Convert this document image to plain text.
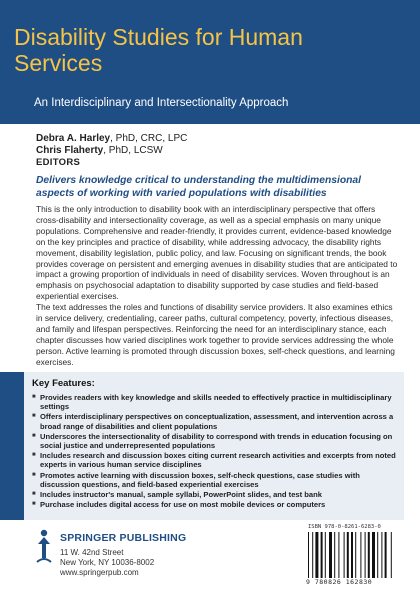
Disability Studies for Human Services
An Interdisciplinary and Intersectionality Approach
Debra A. Harley, PhD, CRC, LPC
Chris Flaherty, PhD, LCSW
EDITORS
Delivers knowledge critical to understanding the multidimensional aspects of working with varied populations with disabilities

This is the only introduction to disability book with an interdisciplinary perspective that offers cross-disability and intersectionality coverage, as well as a special emphasis on many unique populations. Comprehensive and reader-friendly, it provides current, evidence-based knowledge on the key principles and practice of disability, while addressing advocacy, the disability rights movement, disability legislation, public policy, and law. Focusing on significant trends, the book provides coverage on persistent and emerging avenues in disability studies that are anticipated to impact a growing proportion of individuals in need of disability services. Woven throughout is an emphasis on psychosocial adaptation to disability supported by case studies and field-based experiential exercises.

The text addresses the roles and functions of disability service providers. It also examines ethics in service delivery, credentialing, career paths, cultural competency, poverty, infectious diseases, and family and lifespan perspectives. Reinforcing the need for an interdisciplinary stance, each chapter discusses how varied disciplines work together to provide services addressing the whole person. Active learning is promoted through discussion boxes, self-check questions, and learning exercises.

Key Features:
■ Provides readers with key knowledge and skills needed to effectively practice in multidisciplinary settings
■ Offers interdisciplinary perspectives on conceptualization, assessment, and intervention across a broad range of disabilities and client populations
■ Underscores the intersectionality of disability to correspond with trends in education focusing on social justice and underrepresented populations
■ Includes research and discussion boxes citing current research activities and excerpts from noted experts in various human service disciplines
■ Promotes active learning with discussion boxes, self-check questions, case studies with discussion questions, and field-based experiential exercises
■ Includes instructor's manual, sample syllabi, PowerPoint slides, and test bank
■ Purchase includes digital access for use on most mobile devices or computers
SPRINGER PUBLISHING
11 W. 42nd Street
New York, NY 10036-8002
www.springerpub.com
ISBN 978-0-8261-6283-0
9 780826 162830
